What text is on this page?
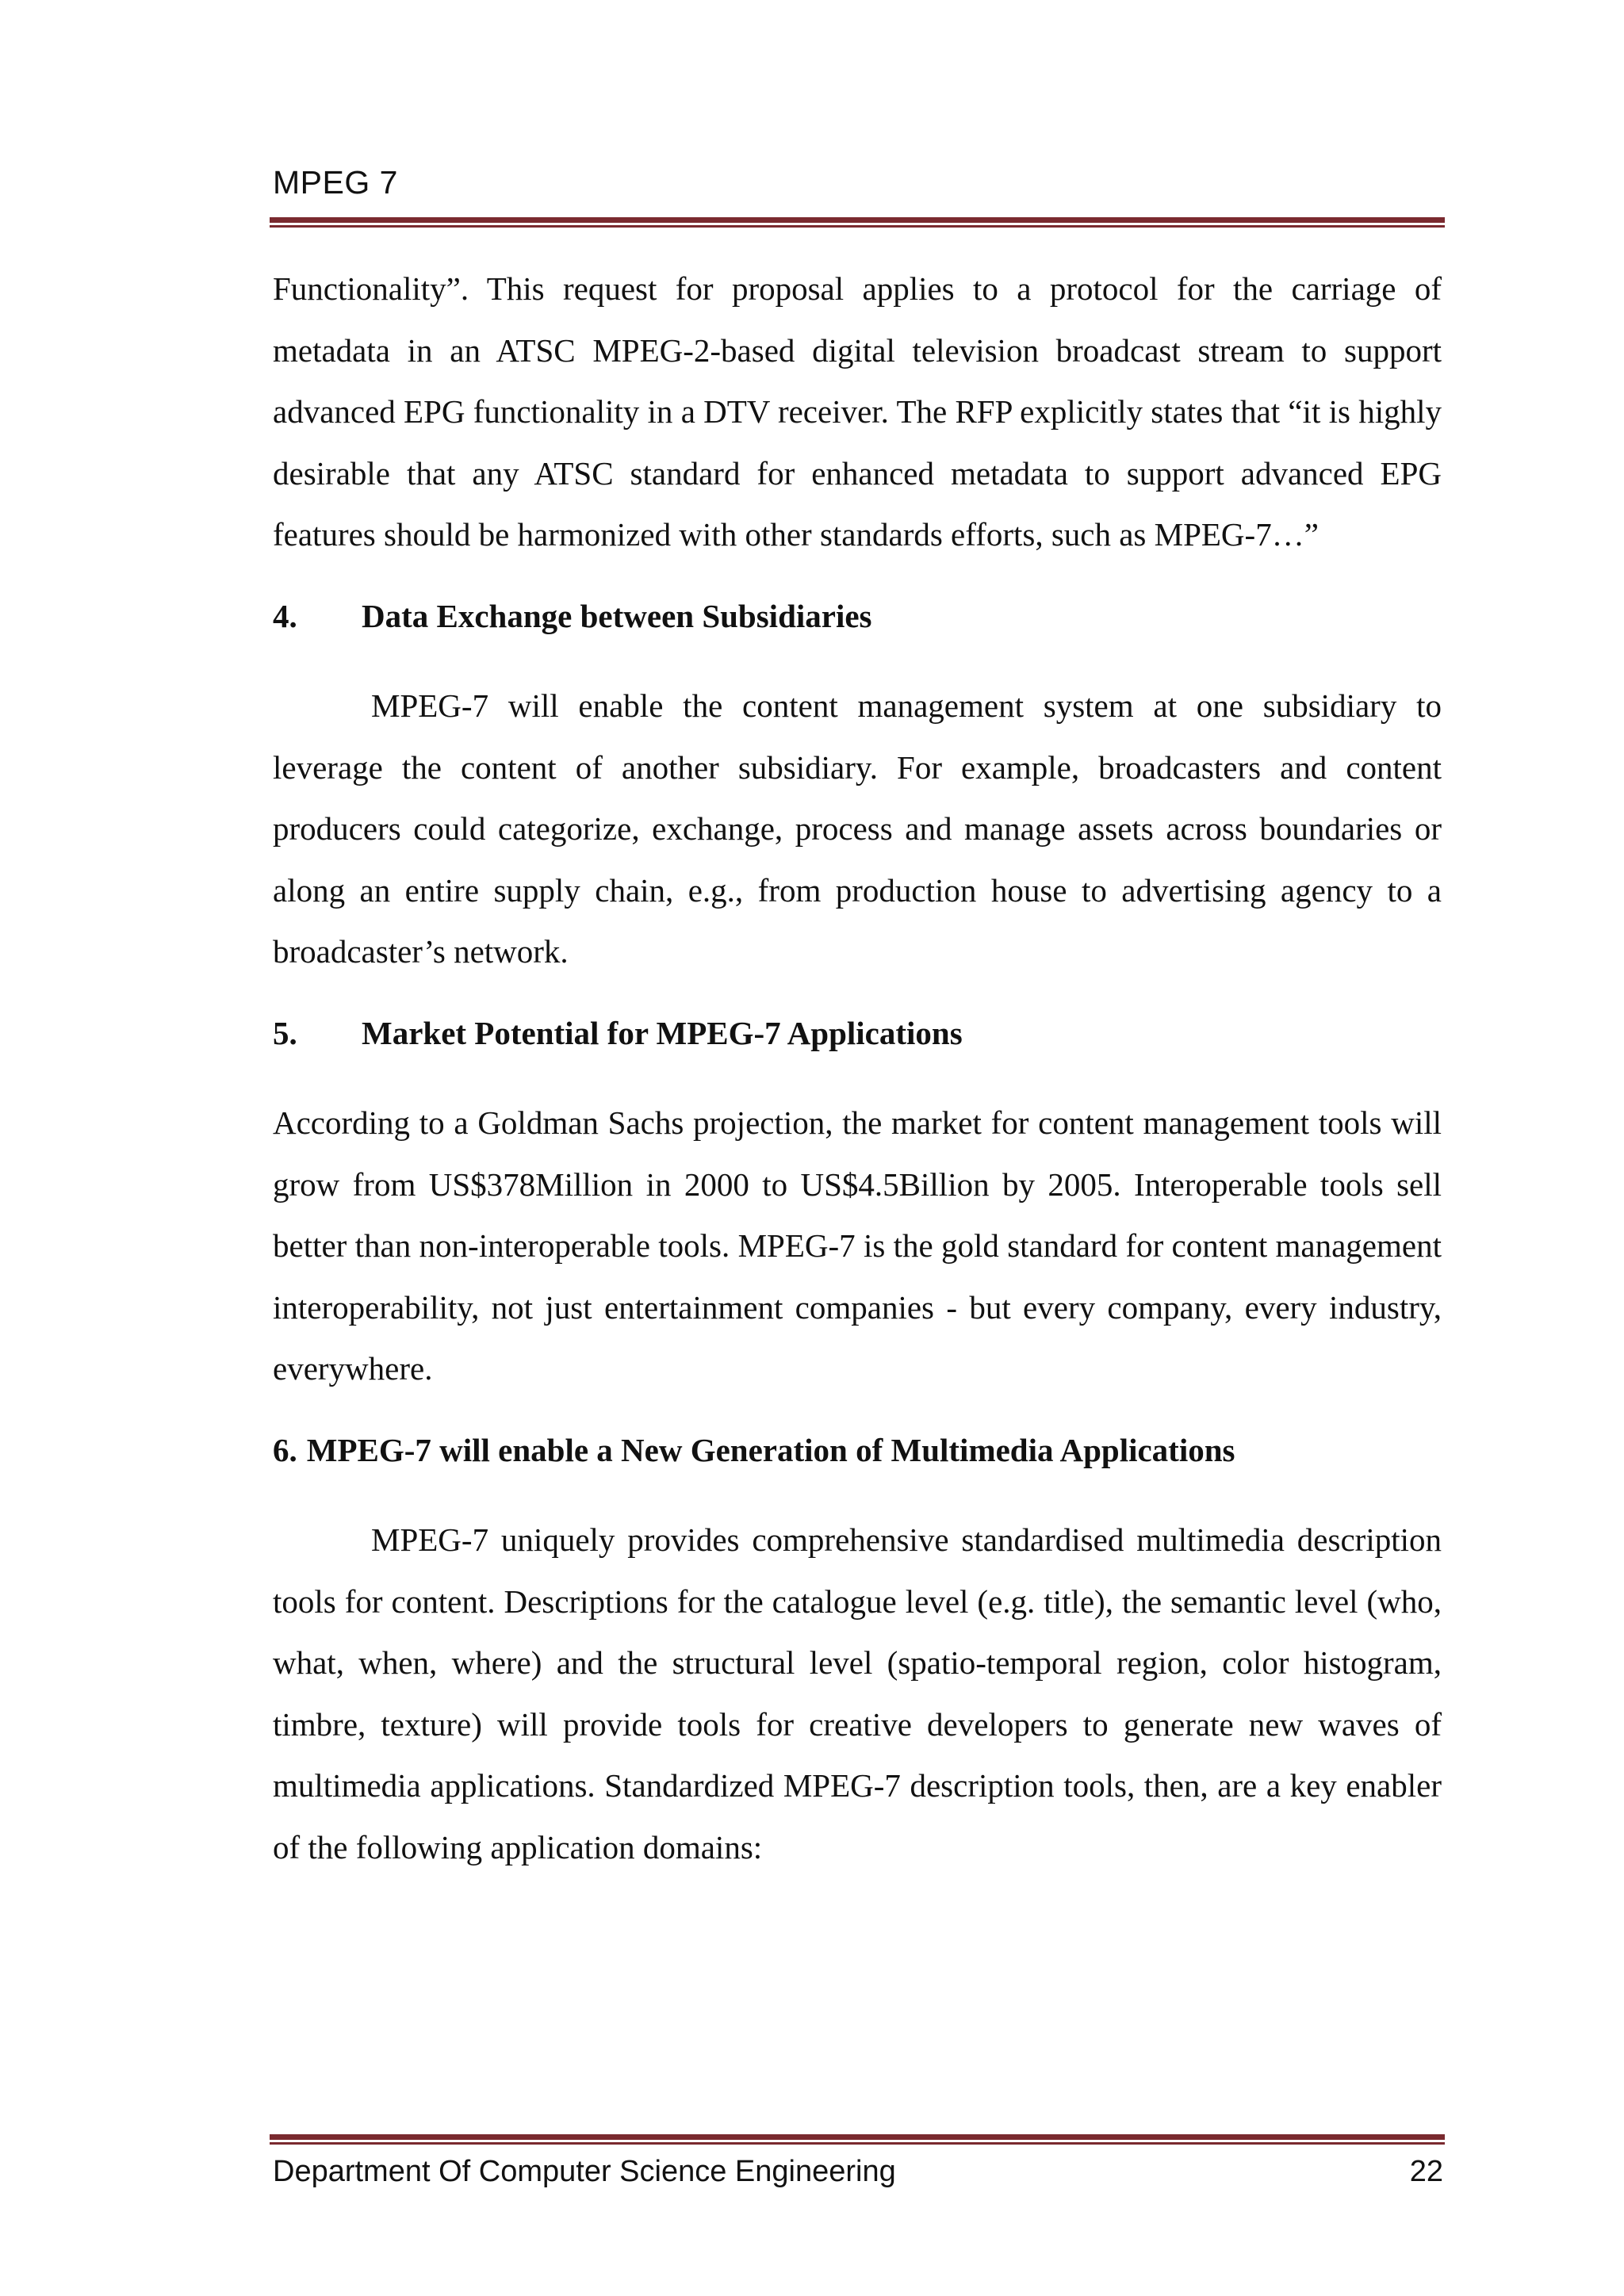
MPEG 7

Functionality”. This request for proposal applies to a protocol for the carriage of metadata in an ATSC MPEG-2-based digital television broadcast stream to support advanced EPG functionality in a DTV receiver. The RFP explicitly states that “it is highly desirable that any ATSC standard for enhanced metadata to support advanced EPG features should be harmonized with other standards efforts, such as MPEG-7…”

4.	Data Exchange between Subsidiaries

MPEG-7 will enable the content management system at one subsidiary to leverage the content of another subsidiary. For example, broadcasters and content producers could categorize, exchange, process and manage assets across boundaries or along an entire supply chain, e.g., from production house to advertising agency to a broadcaster’s network.

5.	Market Potential for MPEG-7 Applications

According to a Goldman Sachs projection, the market for content management tools will grow from US$378Million in 2000 to US$4.5Billion by 2005. Interoperable tools sell better than non-interoperable tools. MPEG-7 is the gold standard for content management interoperability, not just entertainment companies - but every company, every industry, everywhere.

6. MPEG-7 will enable a New Generation of Multimedia Applications

MPEG-7 uniquely provides comprehensive standardised multimedia description tools for content. Descriptions for the catalogue level (e.g. title), the semantic level (who, what, when, where) and the structural level (spatio-temporal region, color histogram, timbre, texture) will provide tools for creative developers to generate new waves of multimedia applications. Standardized MPEG-7 description tools, then, are a key enabler of the following application domains:

Department Of Computer Science Engineering	22
